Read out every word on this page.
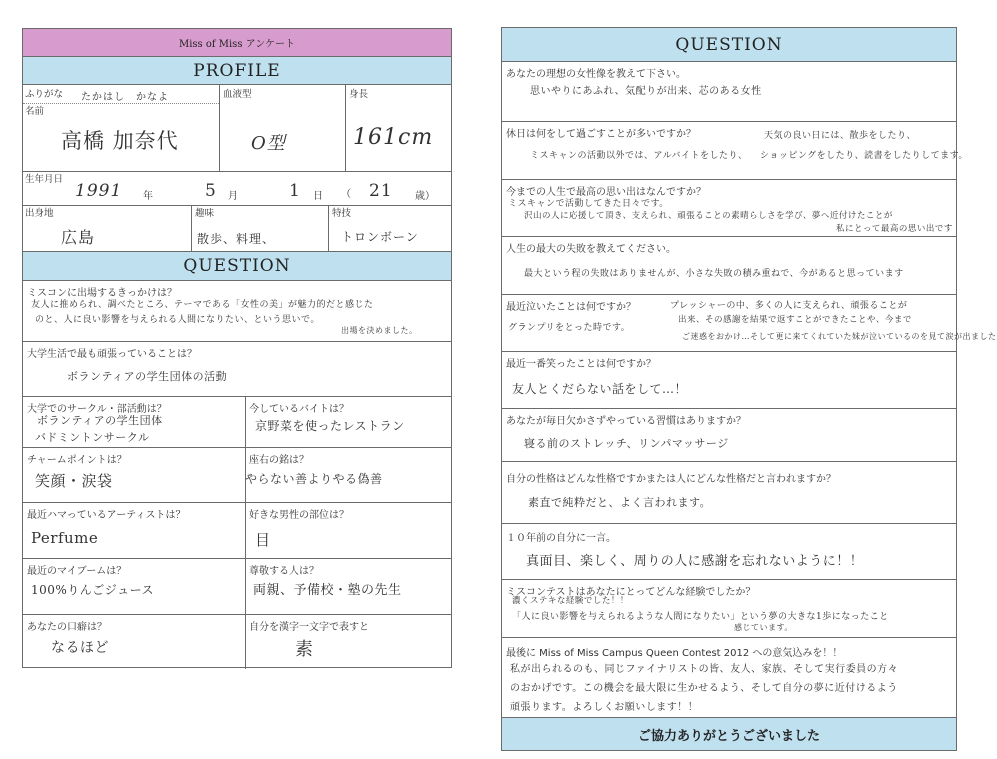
Miss of Miss アンケート
PROFILE
ふりがな たかはし　かなよ
名前
高橋 加奈代
血液型
O型
身長
161cm
生年月日
1991 年	5 月	1 日 （ 21 歳）
出身地
広島
趣味
散歩、料理、
特技
トロンボーン
QUESTION
ミスコンに出場するきっかけは？
友人に推められ、調べたところ、テーマである「女性の美」が魅力的だと感じた
のと、人に良い影響を与えられる人間になりたい、という思いで。
出場を決めました。
大学生活で最も頑張っていることは？
ボランティアの学生団体の活動
大学でのサークル・部活動は？
ボランティアの学生団体
バドミントンサークル
今しているバイトは？
京野菜を使ったレストラン
チャームポイントは？
笑顔・涙袋
座右の銘は？
やらない善よりやる偽善
最近ハマっているアーティストは？
Perfume
好きな男性の部位は？
目
最近のマイブームは？
100%りんごジュース
尊敬する人は？
両親、予備校・塾の先生
あなたの口癖は？
なるほど
自分を漢字一文字で表すと
素
QUESTION
あなたの理想の女性像を教えて下さい。
思いやりにあふれ、気配りが出来、芯のある女性
休日は何をして過ごすことが多いですか？
ミスキャンの活動以外では、アルバイトをしたり、
天気の良い日には、散歩をしたり、
ショッピングをしたり、読書をしたりしてます。
今までの人生で最高の思い出はなんですか？
ミスキャンで活動してきた日々です。
沢山の人に応援して頂き、支えられ、頑張ることの素晴らしさを学び、夢へ近付けたことが
私にとって最高の思い出です
人生の最大の失敗を教えてください。
最大という程の失敗はありませんが、小さな失敗の積み重ねで、今があると思っています
最近泣いたことは何ですか？	プレッシャーの中、多くの人に支えられ、頑張ることが
グランプリをとった時です。
出来、その感謝を結果で返すことができたことや、今まで
ご迷惑をおかけ…そして更に来てくれていた妹が泣いているのを見て涙が出ました
最近一番笑ったことは何ですか？
友人とくだらない話をして…！
あなたが毎日欠かさずやっている習慣はありますか？
寝る前のストレッチ、リンパマッサージ
自分の性格はどんな性格ですかまたは人にどんな性格だと言われますか？
素直で純粋だと、よく言われます。
１０年前の自分に一言。
真面目、楽しく、周りの人に感謝を忘れないように！！
ミスコンテストはあなたにとってどんな経験でしたか？
濃くステキな経験でした！！
「人に良い影響を与えられるような人間になりたい」という夢の大きな1歩になったこと
感じています。
最後に Miss of Miss Campus Queen Contest 2012 への意気込みを！！
私が出られるのも、同じファイナリストの皆、友人、家族、そして実行委員の方々
のおかげです。この機会を最大限に生かせるよう、そして自分の夢に近付けるよう
頑張ります。よろしくお願いします！！
ご協力ありがとうございました
